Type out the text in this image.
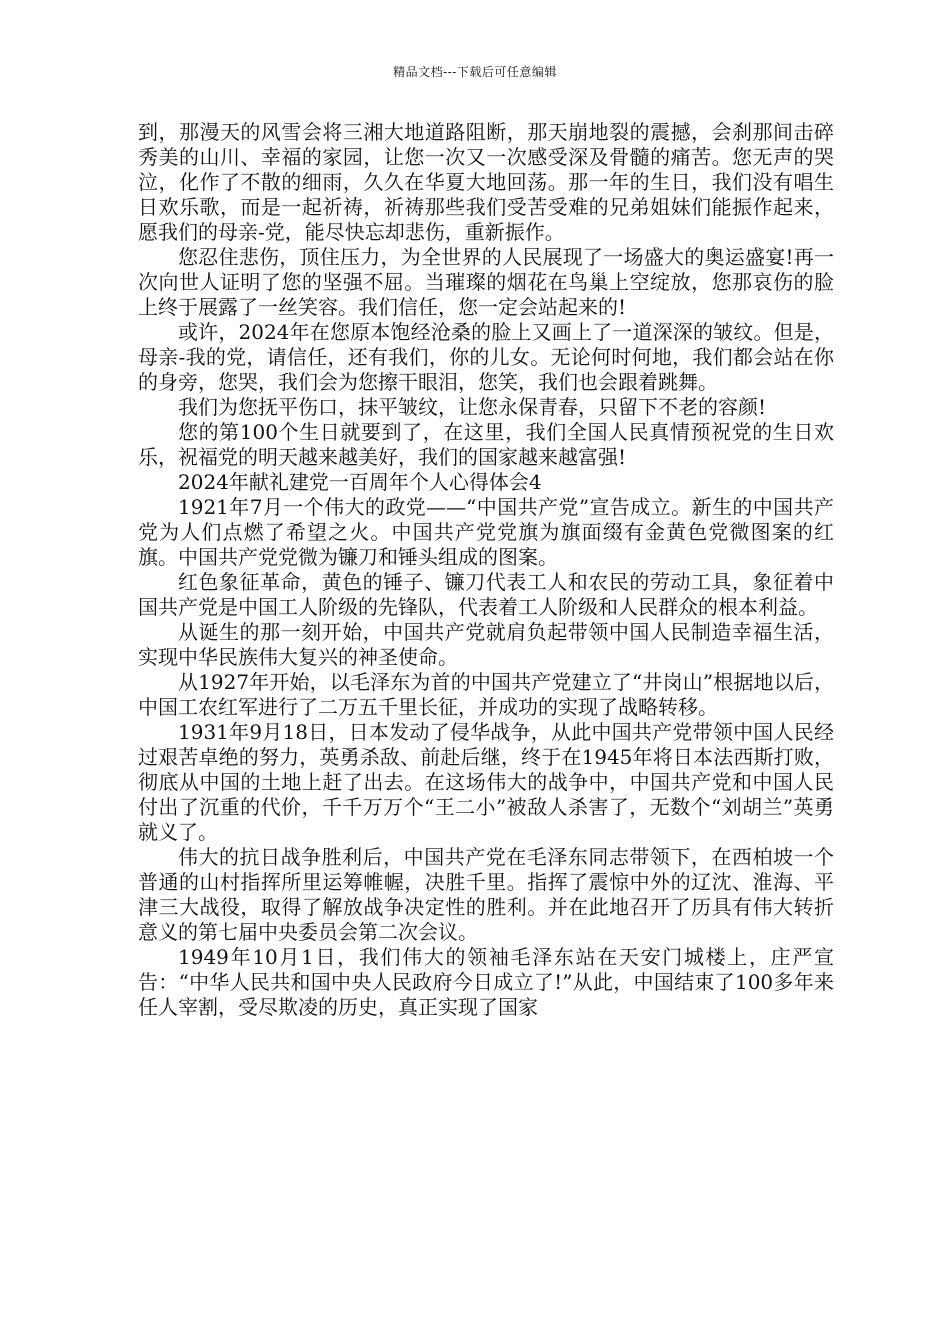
精品文档---下载后可任意编辑

到，那漫天的风雪会将三湘大地道路阻断，那天崩地裂的震撼，会刹那间击碎秀美的山川、幸福的家园，让您一次又一次感受深及骨髓的痛苦。您无声的哭泣，化作了不散的细雨，久久在华夏大地回荡。那一年的生日，我们没有唱生日欢乐歌，而是一起祈祷，祈祷那些我们受苦受难的兄弟姐妹们能振作起来，愿我们的母亲-党，能尽快忘却悲伤，重新振作。

您忍住悲伤，顶住压力，为全世界的人民展现了一场盛大的奥运盛宴!再一次向世人证明了您的坚强不屈。当璀璨的烟花在鸟巢上空绽放，您那哀伤的脸上终于展露了一丝笑容。我们信任，您一定会站起来的!

或许，2024年在您原本饱经沧桑的脸上又画上了一道深深的皱纹。但是，母亲-我的党，请信任，还有我们，你的儿女。无论何时何地，我们都会站在你的身旁，您哭，我们会为您擦干眼泪，您笑，我们也会跟着跳舞。

我们为您抚平伤口，抹平皱纹，让您永保青春，只留下不老的容颜!

您的第100个生日就要到了，在这里，我们全国人民真情预祝党的生日欢乐，祝福党的明天越来越美好，我们的国家越来越富强!

2024年献礼建党一百周年个人心得体会4

1921年7月一个伟大的政党——“中国共产党”宣告成立。新生的中国共产党为人们点燃了希望之火。中国共产党党旗为旗面缀有金黄色党微图案的红旗。中国共产党党微为镰刀和锤头组成的图案。

红色象征革命，黄色的锤子、镰刀代表工人和农民的劳动工具，象征着中国共产党是中国工人阶级的先锋队，代表着工人阶级和人民群众的根本利益。

从诞生的那一刻开始，中国共产党就肩负起带领中国人民制造幸福生活，实现中华民族伟大复兴的神圣使命。

从1927年开始，以毛泽东为首的中国共产党建立了“井岗山”根据地以后，中国工农红军进行了二万五千里长征，并成功的实现了战略转移。

1931年9月18日，日本发动了侵华战争，从此中国共产党带领中国人民经过艰苦卓绝的努力，英勇杀敌、前赴后继，终于在1945年将日本法西斯打败，彻底从中国的土地上赶了出去。在这场伟大的战争中，中国共产党和中国人民付出了沉重的代价，千千万万个“王二小”被敌人杀害了，无数个“刘胡兰”英勇就义了。

伟大的抗日战争胜利后，中国共产党在毛泽东同志带领下，在西柏坡一个普通的山村指挥所里运筹帷幄，决胜千里。指挥了震惊中外的辽沈、淮海、平津三大战役，取得了解放战争决定性的胜利。并在此地召开了历具有伟大转折意义的第七届中央委员会第二次会议。

1949年10月1日，我们伟大的领袖毛泽东站在天安门城楼上，庄严宣告：“中华人民共和国中央人民政府今日成立了!”从此，中国结束了100多年来任人宰割，受尽欺凌的历史，真正实现了国家
